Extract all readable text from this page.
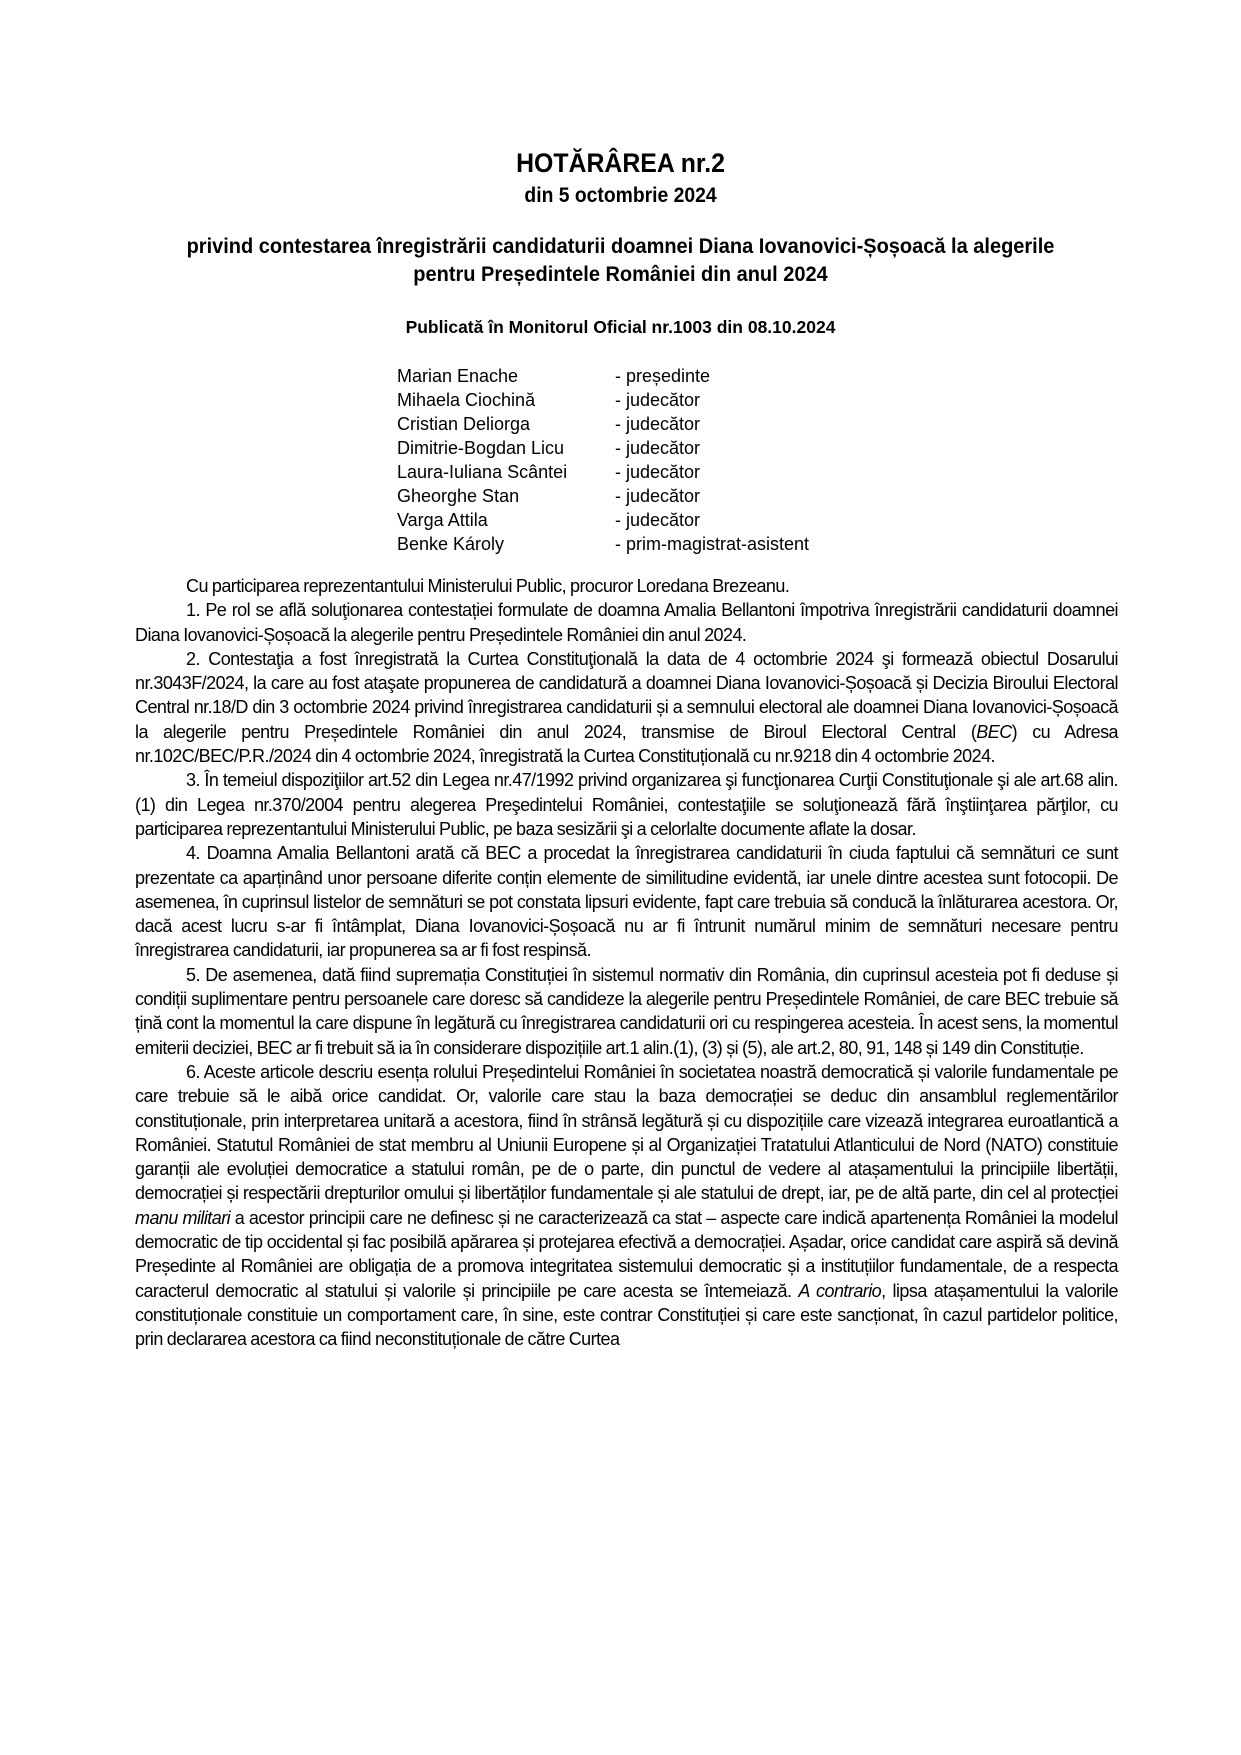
HOTĂRÂREA nr.2
din 5 octombrie 2024
privind contestarea înregistrării candidaturii doamnei Diana Iovanovici-Șoșoacă la alegerile pentru Președintele României din anul 2024
Publicată în Monitorul Oficial nr.1003 din 08.10.2024
Marian Enache	- președinte
Mihaela Ciochină	- judecător
Cristian Deliorga	- judecător
Dimitrie-Bogdan Licu	- judecător
Laura-Iuliana Scântei	- judecător
Gheorghe Stan	- judecător
Varga Attila	- judecător
Benke Károly	- prim-magistrat-asistent

Cu participarea reprezentantului Ministerului Public, procuror Loredana Brezeanu.

1. Pe rol se află soluţionarea contestației formulate de doamna Amalia Bellantoni împotriva înregistrării candidaturii doamnei Diana Iovanovici-Șoșoacă la alegerile pentru Președintele României din anul 2024.

2. Contestaţia a fost înregistrată la Curtea Constituţională la data de 4 octombrie 2024 şi formează obiectul Dosarului nr.3043F/2024, la care au fost ataşate propunerea de candidatură a doamnei Diana Iovanovici-Șoșoacă și Decizia Biroului Electoral Central nr.18/D din 3 octombrie 2024 privind înregistrarea candidaturii și a semnului electoral ale doamnei Diana Iovanovici-Șoșoacă la alegerile pentru Președintele României din anul 2024, transmise de Biroul Electoral Central (BEC) cu Adresa nr.102C/BEC/P.R./2024 din 4 octombrie 2024, înregistrată la Curtea Constituțională cu nr.9218 din 4 octombrie 2024.

3. În temeiul dispoziţiilor art.52 din Legea nr.47/1992 privind organizarea şi funcţionarea Curţii Constituţionale şi ale art.68 alin.(1) din Legea nr.370/2004 pentru alegerea Preşedintelui României, contestaţiile se soluţionează fără înştiinţarea părţilor, cu participarea reprezentantului Ministerului Public, pe baza sesizării şi a celorlalte documente aflate la dosar.

4. Doamna Amalia Bellantoni arată că BEC a procedat la înregistrarea candidaturii în ciuda faptului că semnături ce sunt prezentate ca aparținând unor persoane diferite conțin elemente de similitudine evidentă, iar unele dintre acestea sunt fotocopii. De asemenea, în cuprinsul listelor de semnături se pot constata lipsuri evidente, fapt care trebuia să conducă la înlăturarea acestora. Or, dacă acest lucru s-ar fi întâmplat, Diana Iovanovici-Șoșoacă nu ar fi întrunit numărul minim de semnături necesare pentru înregistrarea candidaturii, iar propunerea sa ar fi fost respinsă.

5. De asemenea, dată fiind supremația Constituției în sistemul normativ din România, din cuprinsul acesteia pot fi deduse și condiții suplimentare pentru persoanele care doresc să candideze la alegerile pentru Președintele României, de care BEC trebuie să țină cont la momentul la care dispune în legătură cu înregistrarea candidaturii ori cu respingerea acesteia. În acest sens, la momentul emiterii deciziei, BEC ar fi trebuit să ia în considerare dispozițiile art.1 alin.(1), (3) și (5), ale art.2, 80, 91, 148 și 149 din Constituție.

6. Aceste articole descriu esența rolului Președintelui României în societatea noastră democratică și valorile fundamentale pe care trebuie să le aibă orice candidat. Or, valorile care stau la baza democrației se deduc din ansamblul reglementărilor constituționale, prin interpretarea unitară a acestora, fiind în strânsă legătură și cu dispozițiile care vizează integrarea euroatlantică a României. Statutul României de stat membru al Uniunii Europene și al Organizației Tratatului Atlanticului de Nord (NATO) constituie garanții ale evoluției democratice a statului român, pe de o parte, din punctul de vedere al atașamentului la principiile libertății, democrației și respectării drepturilor omului și libertăților fundamentale și ale statului de drept, iar, pe de altă parte, din cel al protecției manu militari a acestor principii care ne definesc și ne caracterizează ca stat – aspecte care indică apartenența României la modelul democratic de tip occidental și fac posibilă apărarea și protejarea efectivă a democrației. Așadar, orice candidat care aspiră să devină Președinte al României are obligația de a promova integritatea sistemului democratic și a instituțiilor fundamentale, de a respecta caracterul democratic al statului și valorile și principiile pe care acesta se întemeiază. A contrario, lipsa atașamentului la valorile constituționale constituie un comportament care, în sine, este contrar Constituției și care este sancționat, în cazul partidelor politice, prin declararea acestora ca fiind neconstituționale de către Curtea
